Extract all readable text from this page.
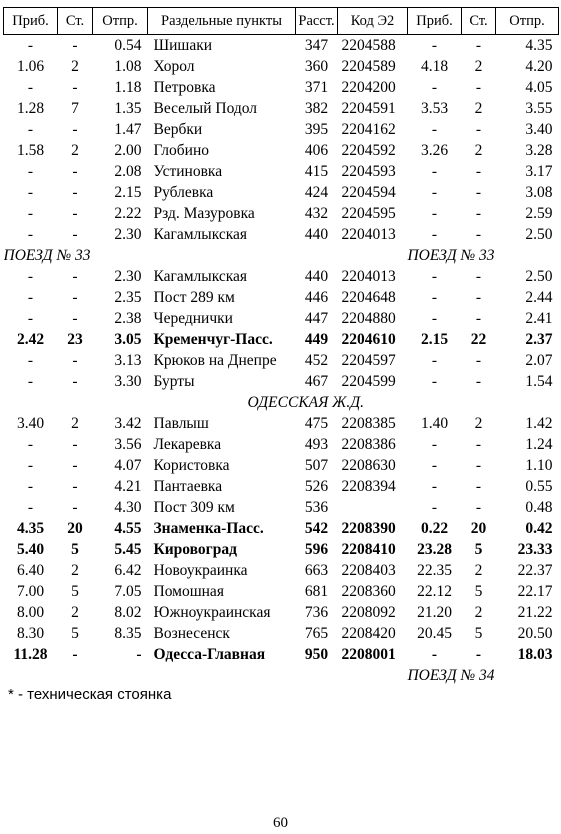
Приб.	Ст.	Отпр.	Раздельные пункты	Расст.	Код Э2	Приб.	Ст.	Отпр.
-	-	0.54	Шишаки	347	2204588	-	-	4.35
1.06	2	1.08	Хорол	360	2204589	4.18	2	4.20
-	-	1.18	Петровка	371	2204200	-	-	4.05
1.28	7	1.35	Веселый Подол	382	2204591	3.53	2	3.55
-	-	1.47	Вербки	395	2204162	-	-	3.40
1.58	2	2.00	Глобино	406	2204592	3.26	2	3.28
-	-	2.08	Устиновка	415	2204593	-	-	3.17
-	-	2.15	Рублевка	424	2204594	-	-	3.08
-	-	2.22	Рзд. Мазуровка	432	2204595	-	-	2.59
-	-	2.30	Кагамлыкская	440	2204013	-	-	2.50
ПОЕЗД № 33				ПОЕЗД № 33				
-	-	2.30	Кагамлыкская	440	2204013	-	-	2.50
-	-	2.35	Пост 289 км	446	2204648	-	-	2.44
-	-	2.38	Череднички	447	2204880	-	-	2.41
2.42	23	3.05	Кременчуг-Пасс.	449	2204610	2.15	22	2.37
-	-	3.13	Крюков на Днепре	452	2204597	-	-	2.07
-	-	3.30	Бурты	467	2204599	-	-	1.54
ОДЕССКАЯ Ж.Д.								
3.40	2	3.42	Павлыш	475	2208385	1.40	2	1.42
-	-	3.56	Лекаревка	493	2208386	-	-	1.24
-	-	4.07	Користовка	507	2208630	-	-	1.10
-	-	4.21	Пантаевка	526	2208394	-	-	0.55
-	-	4.30	Пост 309 км	536		-	-	0.48
4.35	20	4.55	Знаменка-Пасс.	542	2208390	0.22	20	0.42
5.40	5	5.45	Кировоград	596	2208410	23.28	5	23.33
6.40	2	6.42	Новоукраинка	663	2208403	22.35	2	22.37
7.00	5	7.05	Помошная	681	2208360	22.12	5	22.17
8.00	2	8.02	Южноукраинская	736	2208092	21.20	2	21.22
8.30	5	8.35	Вознесенск	765	2208420	20.45	5	20.50
11.28	-	-	Одесса-Главная	950	2208001	-	-	18.03
				ПОЕЗД № 34				
* - техническая стоянка
60
